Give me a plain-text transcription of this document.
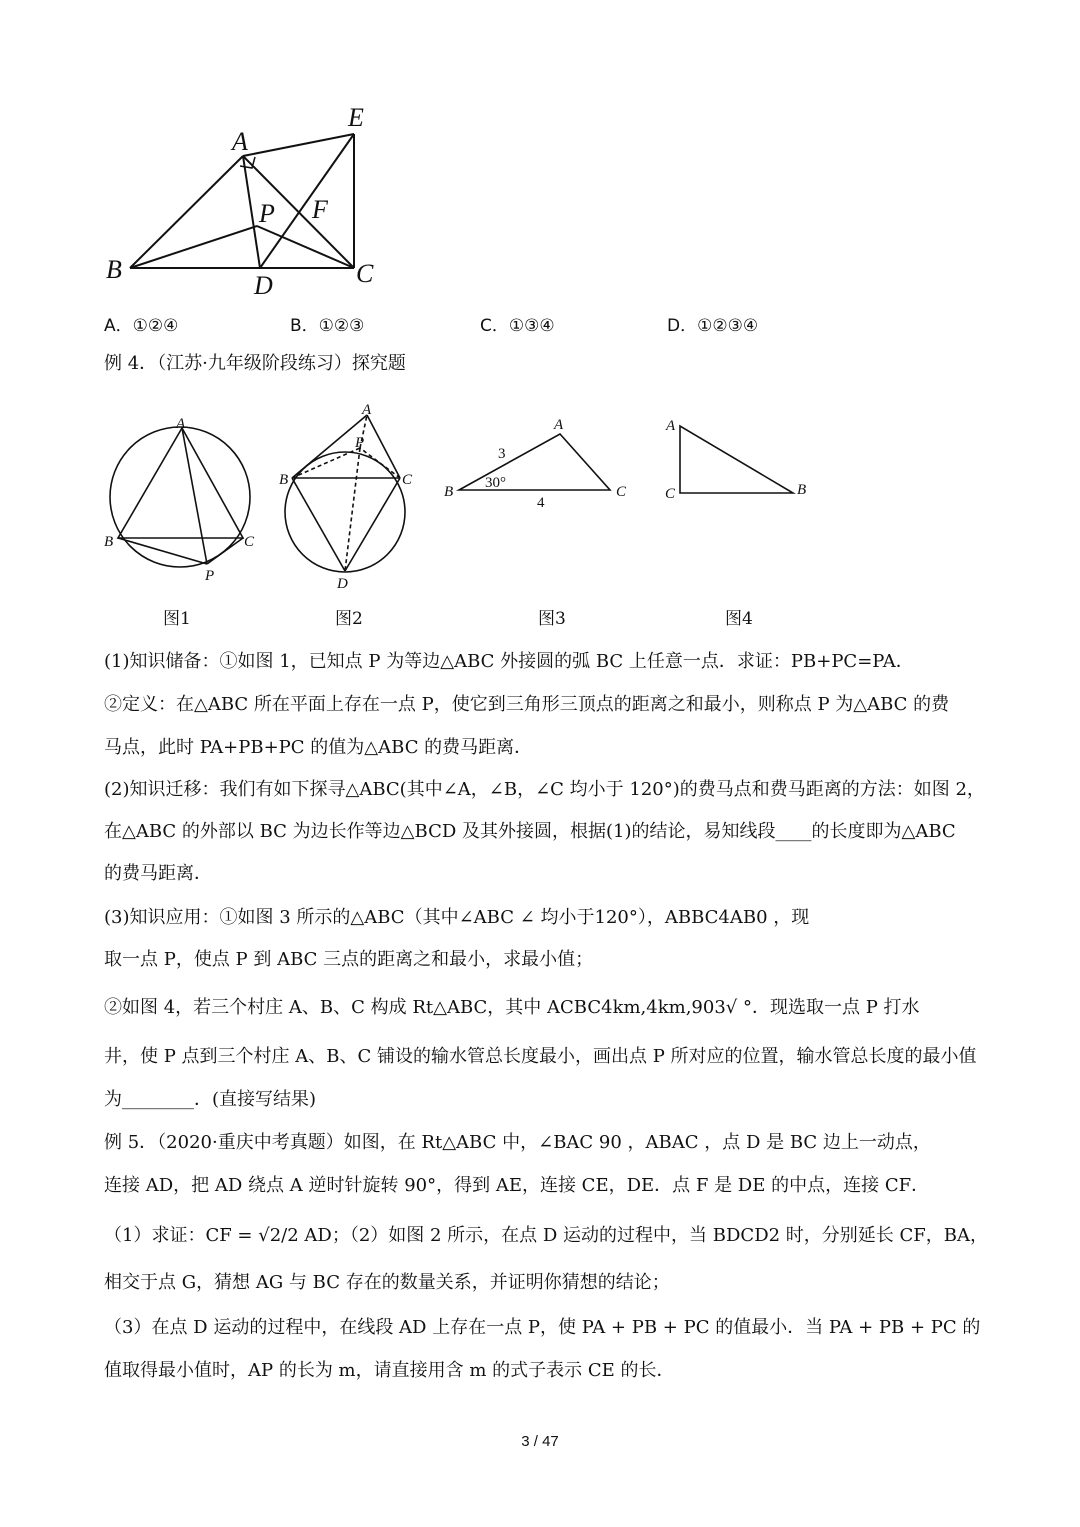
A
E
P F
B	C
D
A
B	C
P
A
P
B	C
D
A
B	C
3
30°
4
A
C	B
A．①②④	B．①②③	C．①③④	D．①②③④
例 4．（江苏·九年级阶段练习）探究题
图1	图2	图3	图4
(1)知识储备：①如图 1，已知点 P 为等边△ABC 外接圆的弧 BC 上任意一点．求证：PB+PC=PA．
②定义：在△ABC 所在平面上存在一点 P，使它到三角形三顶点的距离之和最小，则称点 P 为△ABC 的费
马点，此时 PA+PB+PC 的值为△ABC 的费马距离．
(2)知识迁移：我们有如下探寻△ABC(其中∠A，∠B，∠C 均小于 120°)的费马点和费马距离的方法：如图 2，
在△ABC 的外部以 BC 为边长作等边△BCD 及其外接圆，根据(1)的结论，易知线段____的长度即为△ABC
的费马距离．
(3)知识应用：①如图 3 所示的△ABC（其中∠ABC ∠ 均小于120°），ABBC4AB0 ，现
取一点 P，使点 P 到 ABC 三点的距离之和最小，求最小值；
②如图 4，若三个村庄 A、B、C 构成 Rt△ABC，其中 ACBC4km,4km,903√ °．现选取一点 P 打水
井，使 P 点到三个村庄 A、B、C 铺设的输水管总长度最小，画出点 P 所对应的位置，输水管总长度的最小值
为________．(直接写结果)
例 5．（2020·重庆中考真题）如图，在 Rt△ABC 中，∠BAC 90 ，ABAC ，点 D 是 BC 边上一动点，
连接 AD，把 AD 绕点 A 逆时针旋转 90°，得到 AE，连接 CE，DE．点 F 是 DE 的中点，连接 CF．
（1）求证：CF = √2/2 AD；（2）如图 2 所示，在点 D 运动的过程中，当 BDCD2 时，分别延长 CF，BA，
相交于点 G，猜想 AG 与 BC 存在的数量关系，并证明你猜想的结论；
（3）在点 D 运动的过程中，在线段 AD 上存在一点 P，使 PA + PB + PC 的值最小．当 PA + PB + PC 的
值取得最小值时，AP 的长为 m，请直接用含 m 的式子表示 CE 的长．
3 / 47
